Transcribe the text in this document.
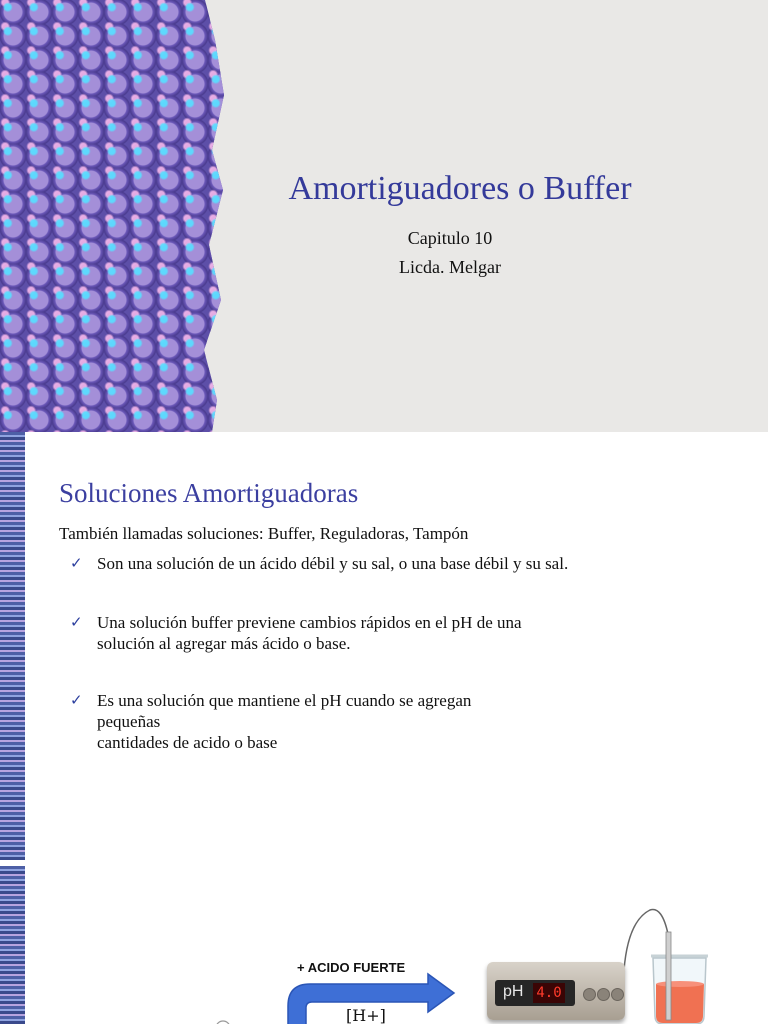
Amortiguadores o Buffer
Capitulo 10
Licda. Melgar
Soluciones Amortiguadoras
También llamadas soluciones: Buffer, Reguladoras, Tampón
✓ Son una solución de un ácido débil y su sal, o una base débil y su sal.
✓ Una solución buffer previene cambios rápidos en el pH de una
solución al agregar más ácido o base.
✓ Es una solución que mantiene el pH cuando se agregan
pequeñas
cantidades de acido o base
+ ACIDO FUERTE
[H+]
pH 4.0
